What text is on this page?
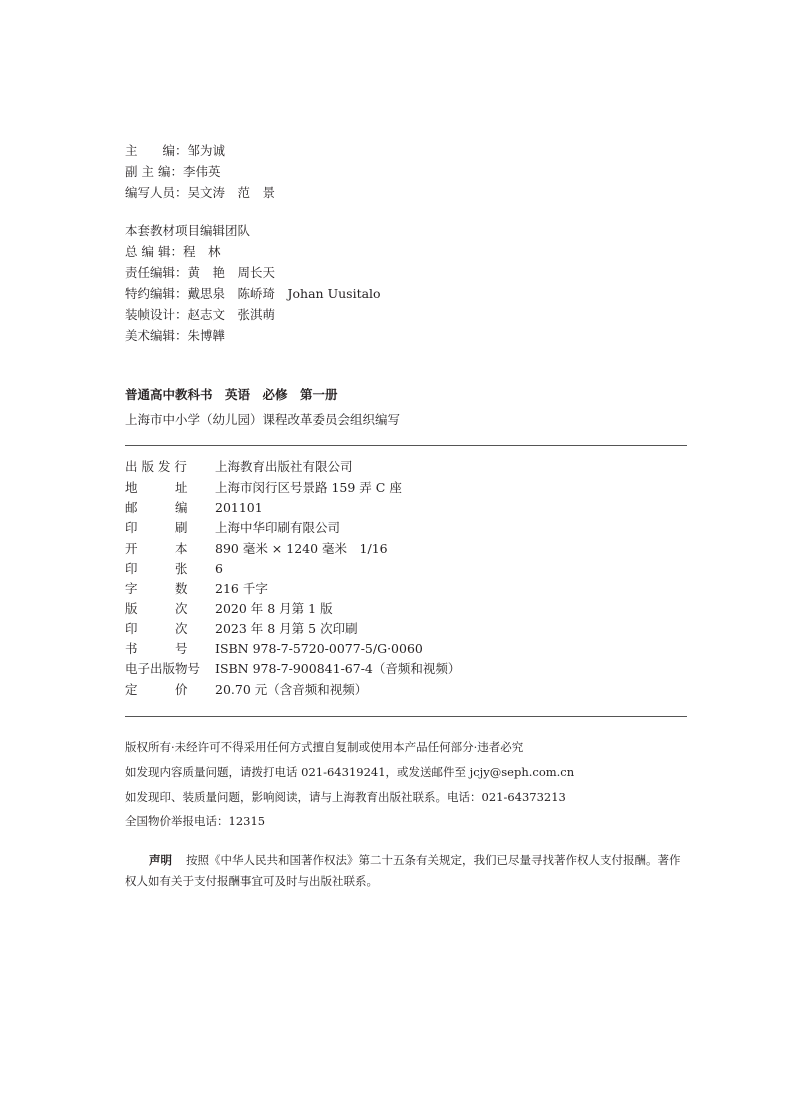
主　　编：邹为诚
副 主 编：李伟英
编写人员：吴文涛　范　景
本套教材项目编辑团队
总 编 辑：程　林
责任编辑：黄　艳　周长天
特约编辑：戴思泉　陈峤琦　Johan Uusitalo
装帧设计：赵志文　张淇萌
美术编辑：朱博韡
普通高中教科书　英语　必修　第一册
上海市中小学（幼儿园）课程改革委员会组织编写
出 版 发 行 上海教育出版社有限公司
地　　　址 上海市闵行区号景路 159 弄 C 座
邮　　　编 201101
印　　　刷 上海中华印刷有限公司
开　　　本 890 毫米 × 1240 毫米　1/16
印　　　张 6
字　　　数 216 千字
版　　　次 2020 年 8 月第 1 版
印　　　次 2023 年 8 月第 5 次印刷
书　　　号 ISBN 978-7-5720-0077-5/G·0060
电子出版物号 ISBN 978-7-900841-67-4（音频和视频）
定　　　价 20.70 元（含音频和视频）
版权所有·未经许可不得采用任何方式擅自复制或使用本产品任何部分·违者必究
如发现内容质量问题，请拨打电话 021-64319241，或发送邮件至 jcjy@seph.com.cn
如发现印、装质量问题，影响阅读，请与上海教育出版社联系。电话：021-64373213
全国物价举报电话：12315
声明 按照《中华人民共和国著作权法》第二十五条有关规定，我们已尽量寻找著作权人支付报酬。著作权人如有关于支付报酬事宜可及时与出版社联系。
